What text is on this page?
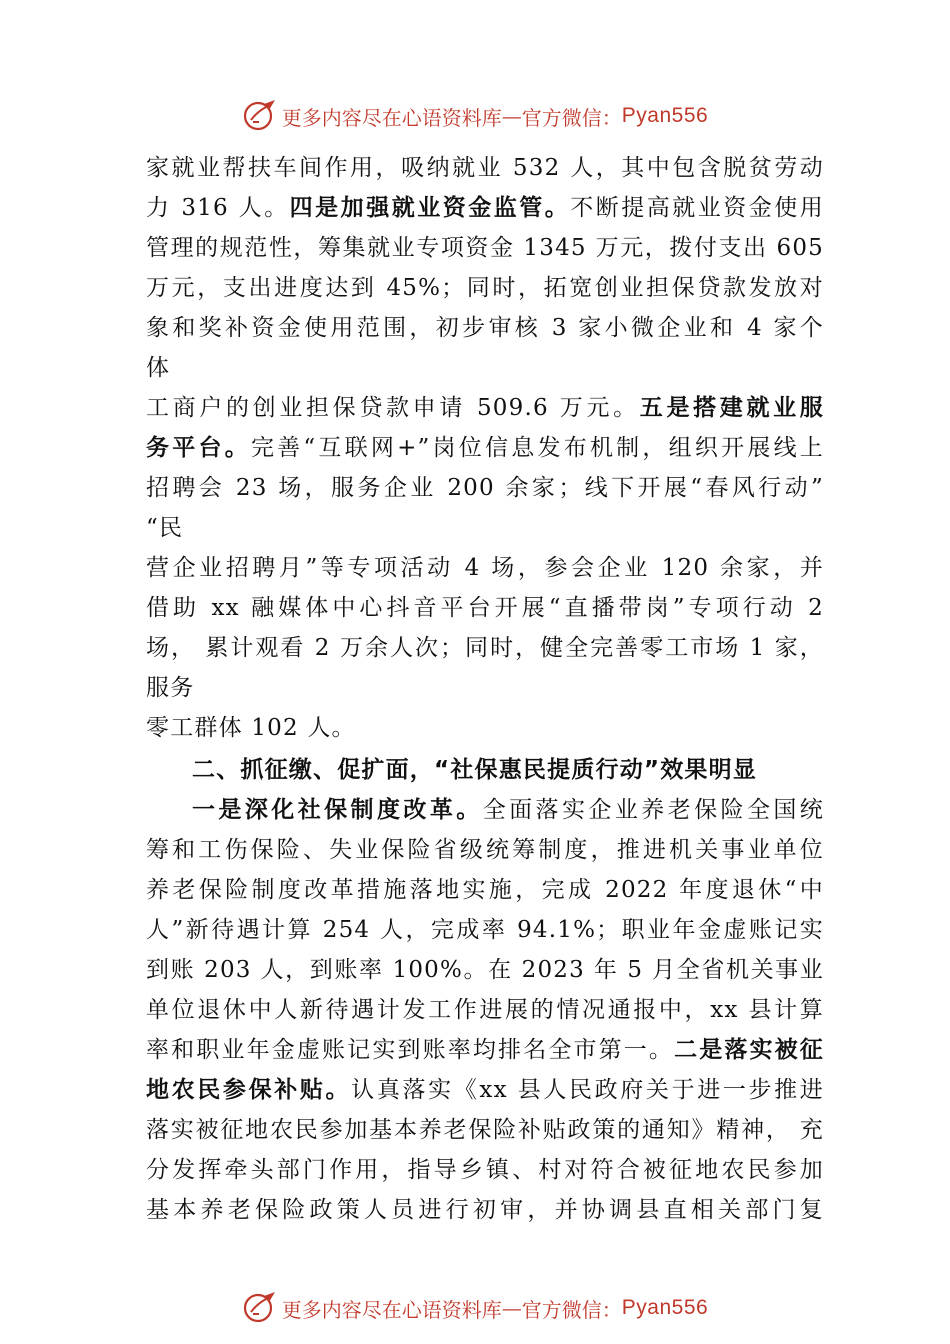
更多内容尽在心语资料库 — 官方微信： Pyan556
家就业帮扶车间作用，吸纳就业 532 人，其中包含脱贫劳动
力 316 人。四是加强就业资金监管。不断提高就业资金使用
管理的规范性，筹集就业专项资金 1345 万元，拨付支出 605
万元，支出进度达到 45%；同时，拓宽创业担保贷款发放对
象和奖补资金使用范围，初步审核 3 家小微企业和 4 家个
体
工商户的创业担保贷款申请 509.6 万元。五是搭建就业服
务平台。完善“互联网+”岗位信息发布机制，组织开展线上
招聘会 23 场，服务企业 200 余家；线下开展“春风行动”
“民
营企业招聘月”等专项活动 4 场，参会企业 120 余家，并
借助 xx 融媒体中心抖音平台开展“直播带岗”专项行动 2
场， 累计观看 2 万余人次；同时，健全完善零工市场 1 家，
服务
零工群体 102 人。
二、抓征缴、促扩面，“社保惠民提质行动”效果明显
一是深化社保制度改革。全面落实企业养老保险全国统
筹和工伤保险、失业保险省级统筹制度，推进机关事业单位
养老保险制度改革措施落地实施，完成 2022 年度退休“中
人”新待遇计算 254 人，完成率 94.1%；职业年金虚账记实
到账 203 人，到账率 100%。在 2023 年 5 月全省机关事业
单位退休中人新待遇计发工作进展的情况通报中，xx 县计算
率和职业年金虚账记实到账率均排名全市第一。二是落实被征
地农民参保补贴。认真落实《xx 县人民政府关于进一步推进
落实被征地农民参加基本养老保险补贴政策的通知》精神， 充
分发挥牵头部门作用，指导乡镇、村对符合被征地农民参加
基本养老保险政策人员进行初审，并协调县直相关部门复
更多内容尽在心语资料库 — 官方微信： Pyan556
